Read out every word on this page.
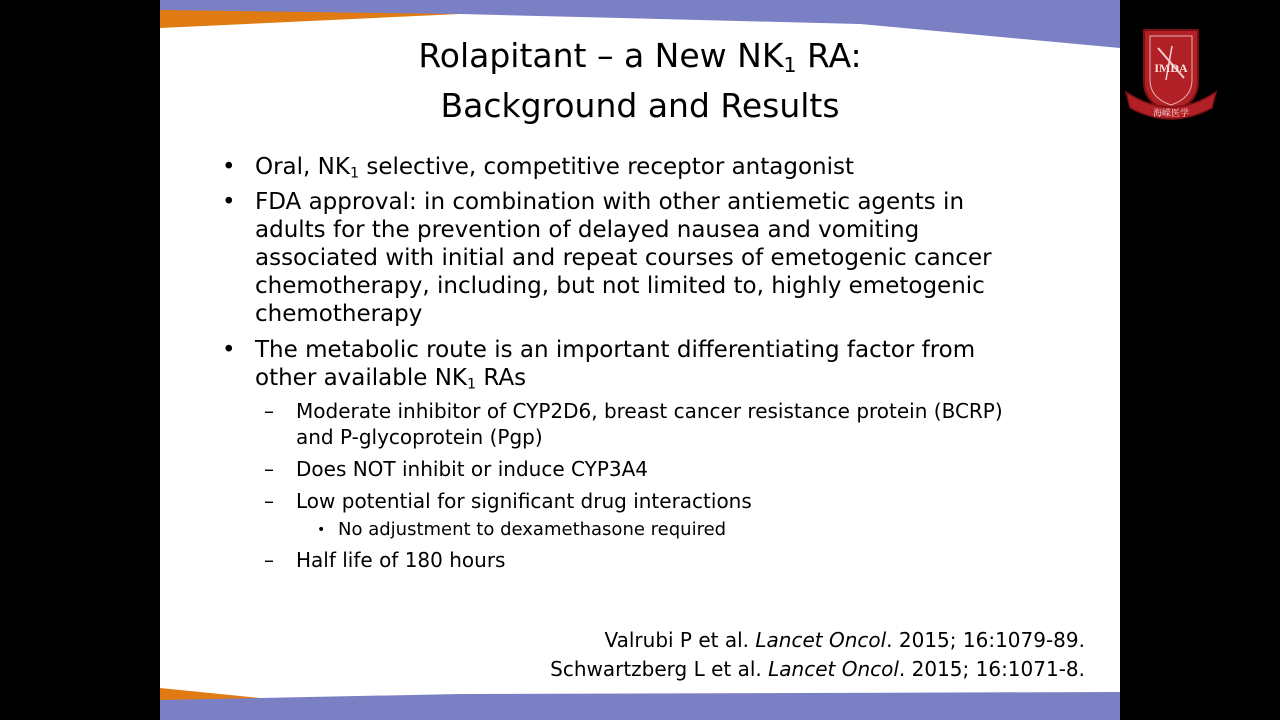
Rolapitant – a New $NK_1$ RA:
Background and Results
• Oral, $NK_1$ selective, competitive receptor antagonist
• FDA approval: in combination with other antiemetic agents in adults for the prevention of delayed nausea and vomiting associated with initial and repeat courses of emetogenic cancer chemotherapy, including, but not limited to, highly emetogenic chemotherapy
• The metabolic route is an important differentiating factor from other available $NK_1$ RAs
– Moderate inhibitor of CYP2D6, breast cancer resistance protein (BCRP) and P-glycoprotein (Pgp)
– Does NOT inhibit or induce CYP3A4
– Low potential for significant drug interactions
• No adjustment to dexamethasone required
– Half life of 180 hours
Valrubi P et al. Lancet Oncol. 2015; 16:1079-89.
Schwartzberg L et al. Lancet Oncol. 2015; 16:1071-8.
IMDA
海嵘医学
